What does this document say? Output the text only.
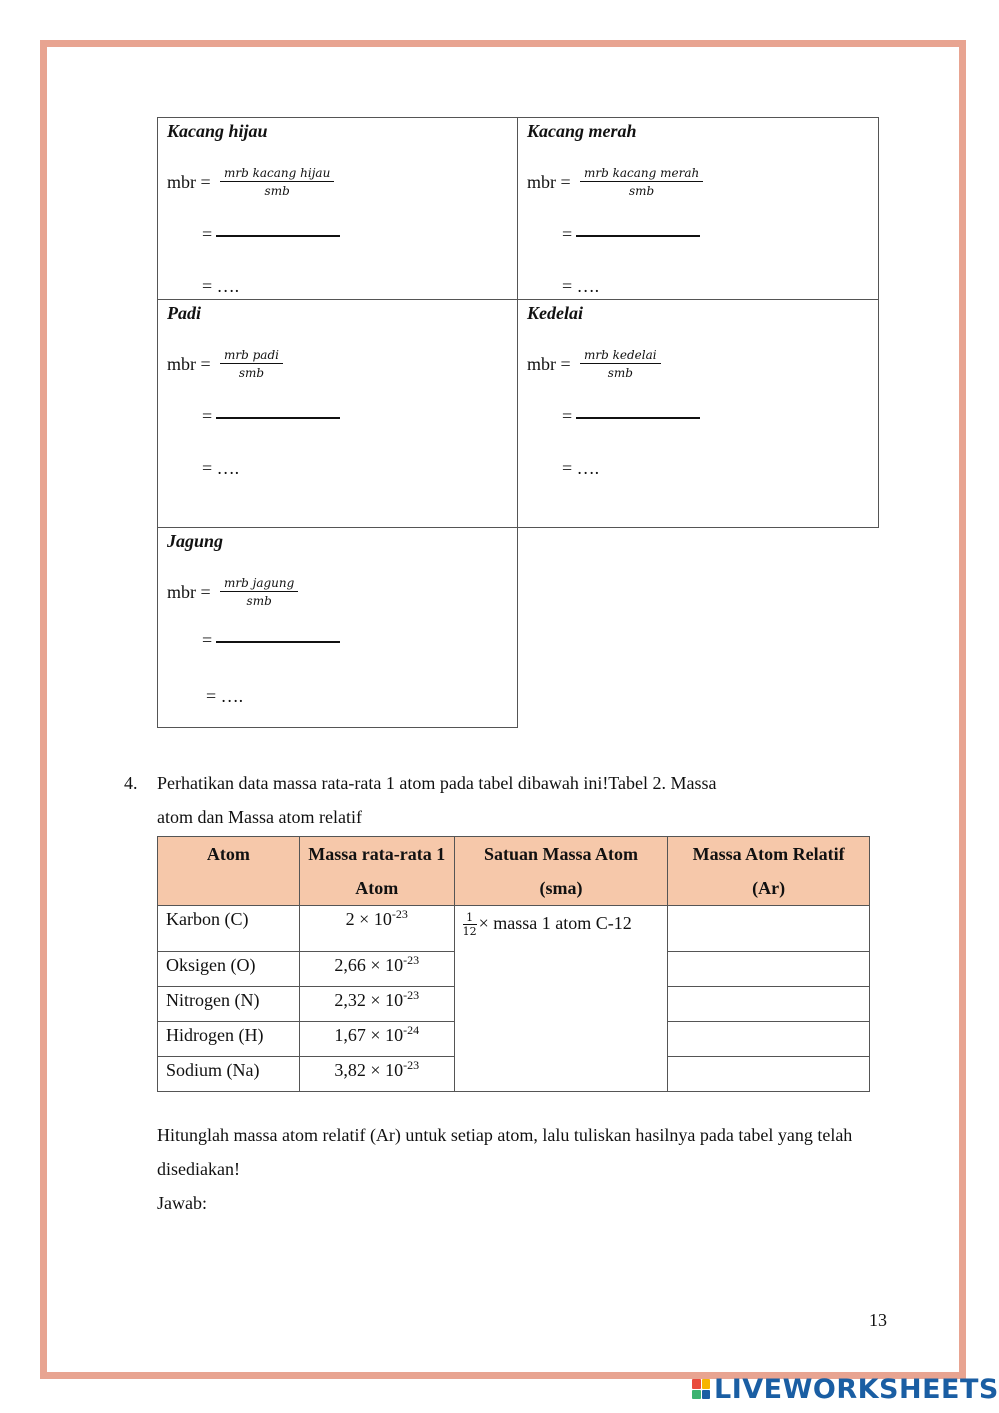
Kacang hijau
mbr =	mrb kacang hijau
smb
=
= ….
Kacang merah
mbr =	mrb kacang merah
smb
=
= ….
Padi
mbr =	mrb padi
smb
=
= ….
Kedelai
mbr =	mrb kedelai
smb
=
= ….
Jagung
mbr =	mrb jagung
smb
=
= ….
4. Perhatikan data massa rata-rata 1 atom pada tabel dibawah ini!Tabel 2. Massa atom dan Massa atom relatif
Atom	Massa rata-rata 1 Atom	Satuan Massa Atom (sma)	Massa Atom Relatif (Ar)
Karbon (C)	$2 \times 10^{-23}$	$\frac{1}{12}$ × massa 1 atom C-12	
Oksigen (O)	$2,66 \times 10^{-23}$	
Nitrogen (N)	$2,32 \times 10^{-23}$	
Hidrogen (H)	$1,67 \times 10^{-24}$	
Sodium (Na)	$3,82 \times 10^{-23}$	
Hitunglah massa atom relatif (Ar) untuk setiap atom, lalu tuliskan hasilnya pada tabel yang telah disediakan!
Jawab:
13
LIVEWORKSHEETS
